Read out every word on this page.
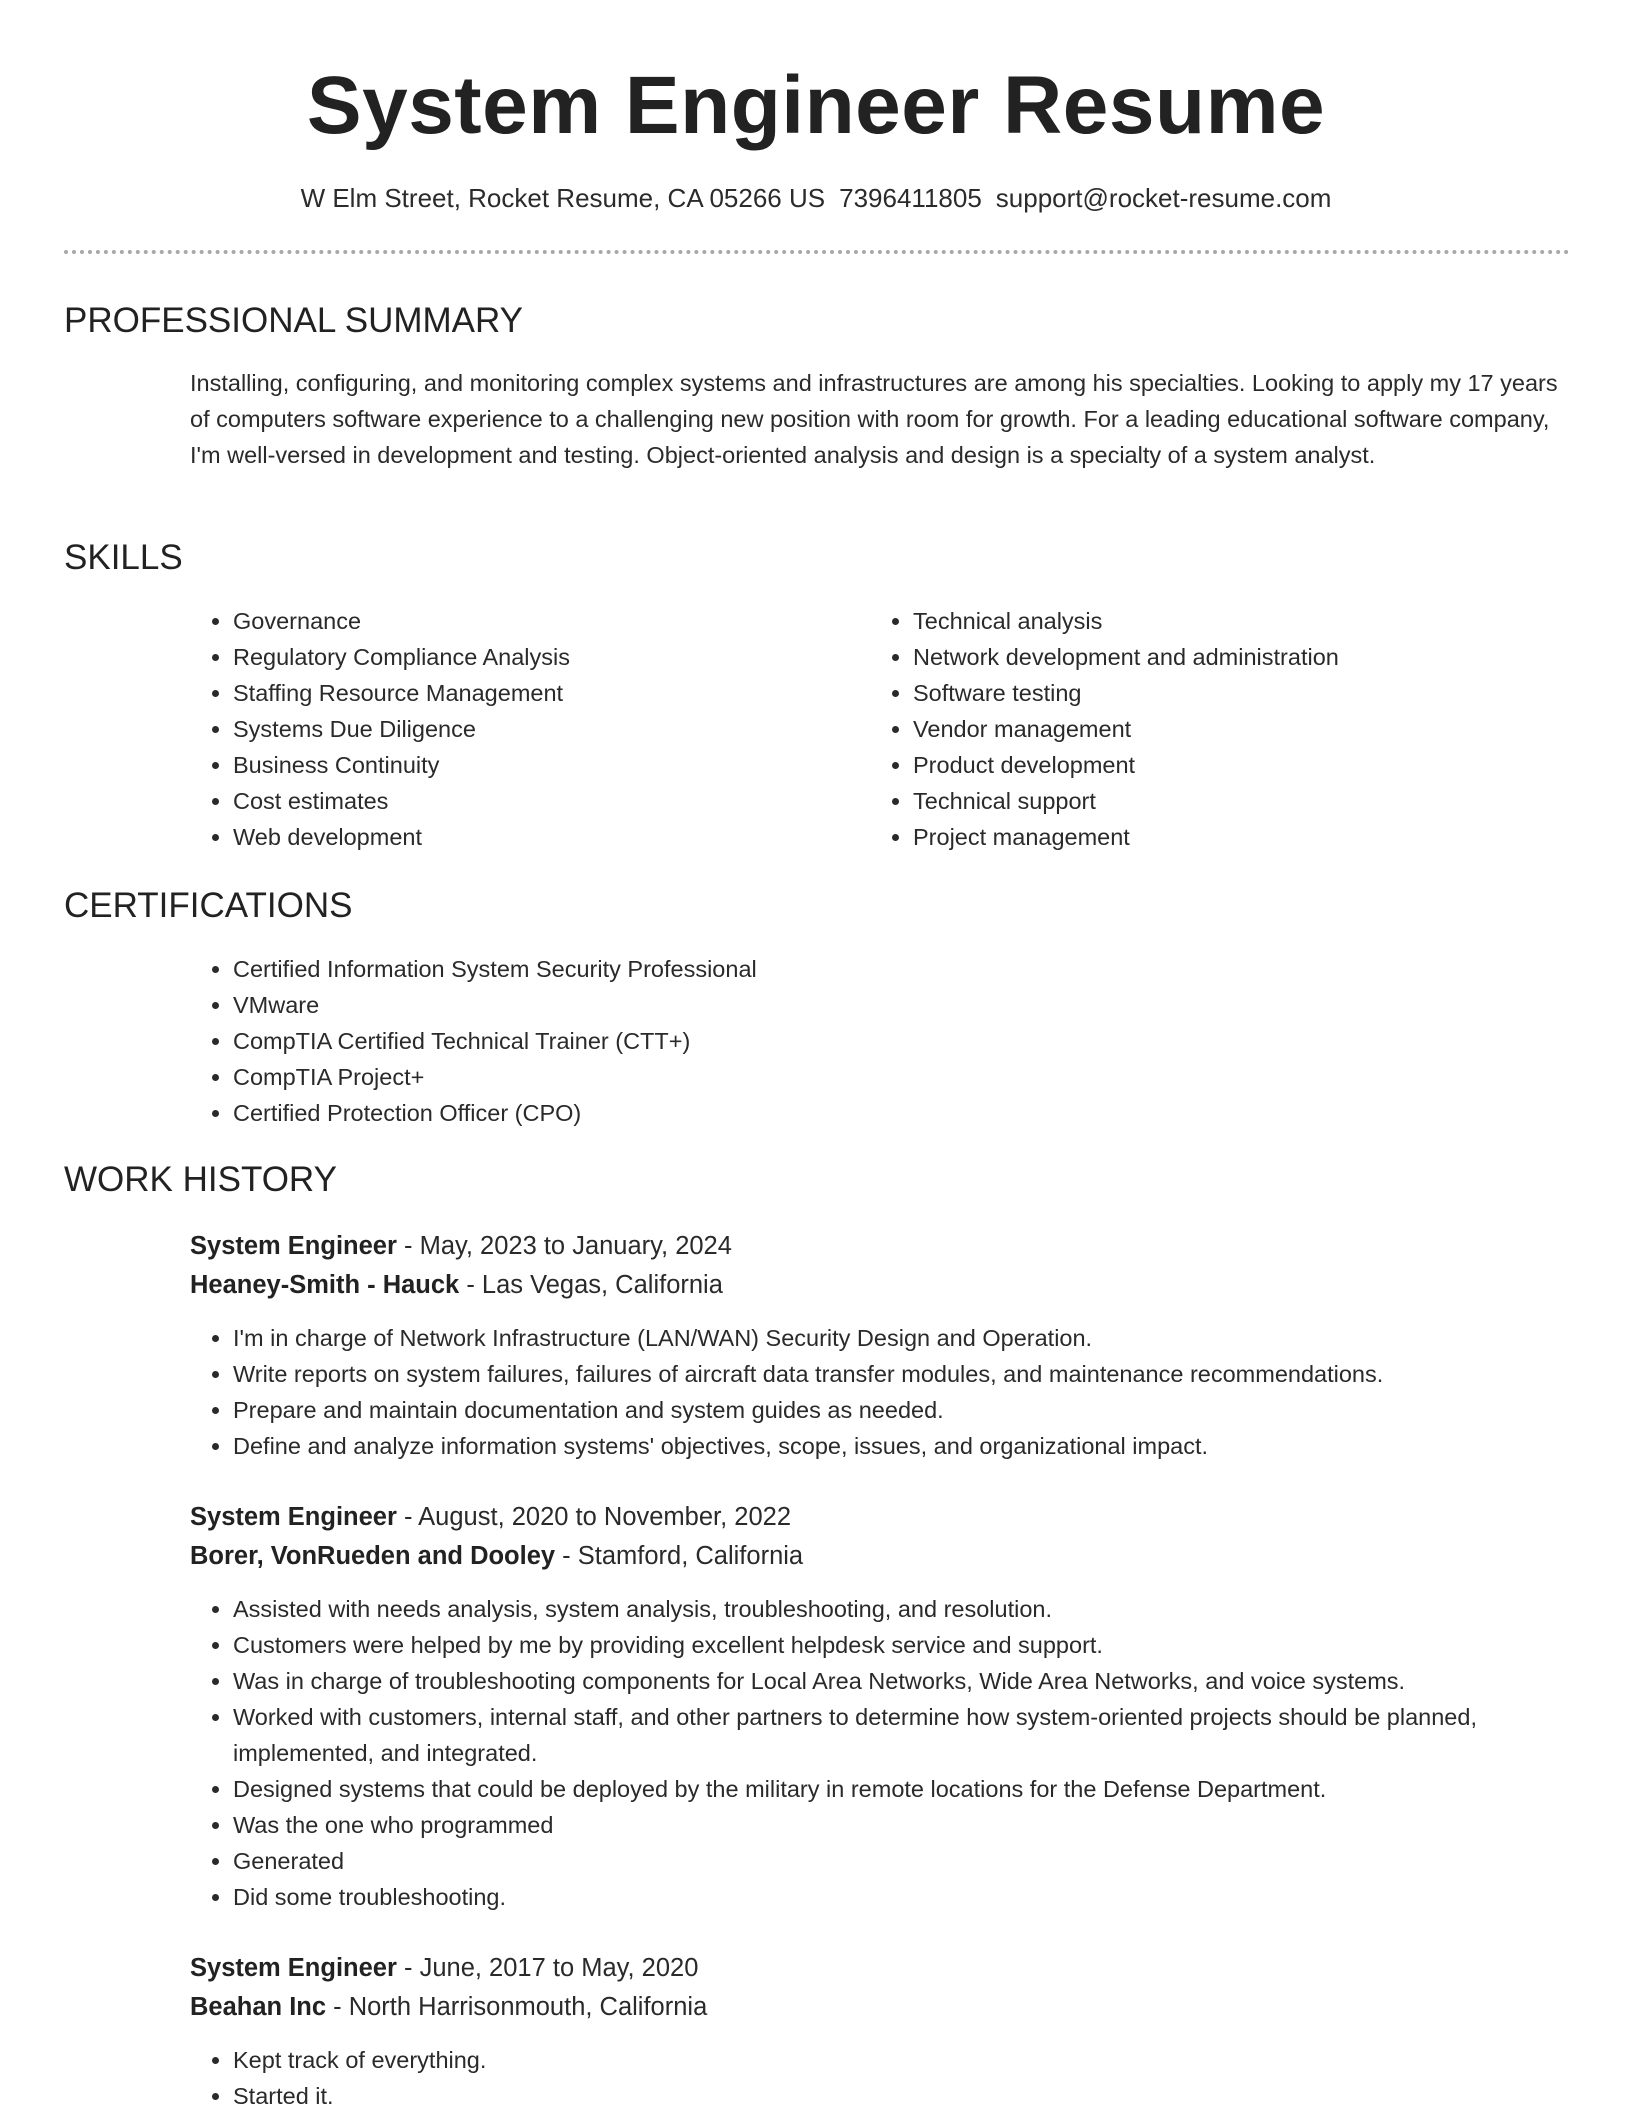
System Engineer Resume
W Elm Street, Rocket Resume, CA 05266 US 7396411805 support@rocket-resume.com
PROFESSIONAL SUMMARY

Installing, configuring, and monitoring complex systems and infrastructures are among his specialties. Looking to apply my 17 years of computers software experience to a challenging new position with room for growth. For a leading educational software company, I'm well-versed in development and testing. Object-oriented analysis and design is a specialty of a system analyst.

SKILLS
• Governance
• Regulatory Compliance Analysis
• Staffing Resource Management
• Systems Due Diligence
• Business Continuity
• Cost estimates
• Web development
• Technical analysis
• Network development and administration
• Software testing
• Vendor management
• Product development
• Technical support
• Project management
CERTIFICATIONS
• Certified Information System Security Professional
• VMware
• CompTIA Certified Technical Trainer (CTT+)
• CompTIA Project+
• Certified Protection Officer (CPO)
WORK HISTORY
System Engineer - May, 2023 to January, 2024
Heaney-Smith - Hauck - Las Vegas, California
• I'm in charge of Network Infrastructure (LAN/WAN) Security Design and Operation.
• Write reports on system failures, failures of aircraft data transfer modules, and maintenance recommendations.
• Prepare and maintain documentation and system guides as needed.
• Define and analyze information systems' objectives, scope, issues, and organizational impact.
System Engineer - August, 2020 to November, 2022
Borer, VonRueden and Dooley - Stamford, California
• Assisted with needs analysis, system analysis, troubleshooting, and resolution.
• Customers were helped by me by providing excellent helpdesk service and support.
• Was in charge of troubleshooting components for Local Area Networks, Wide Area Networks, and voice systems.
• Worked with customers, internal staff, and other partners to determine how system-oriented projects should be planned, implemented, and integrated.
• Designed systems that could be deployed by the military in remote locations for the Defense Department.
• Was the one who programmed
• Generated
• Did some troubleshooting.
System Engineer - June, 2017 to May, 2020
Beahan Inc - North Harrisonmouth, California
• Kept track of everything.
• Started it.
